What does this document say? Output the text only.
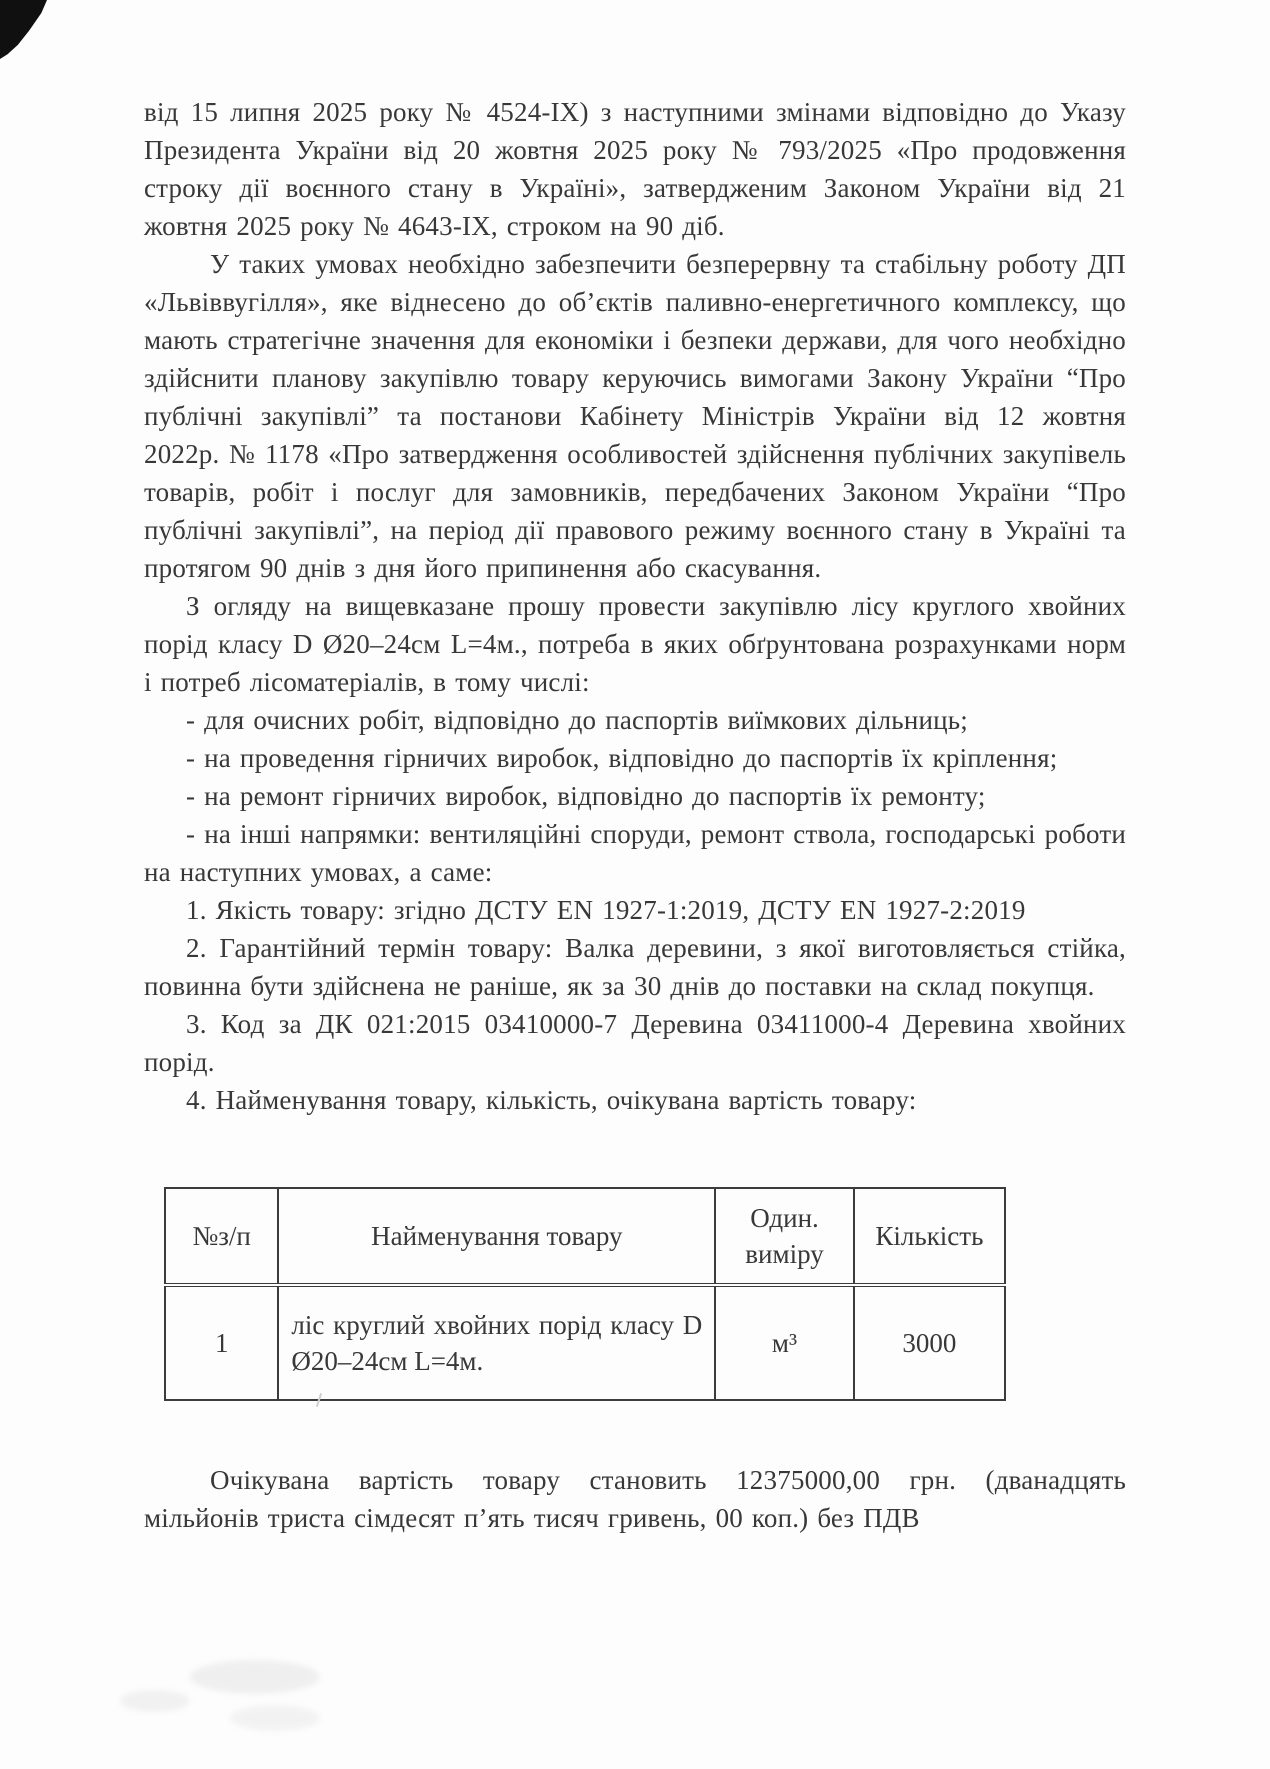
від 15 липня 2025 року № 4524-ІХ) з наступними змінами відповідно до Указу Президента України від 20 жовтня 2025 року № 793/2025 «Про продовження строку дії воєнного стану в Україні», затвердженим Законом України від 21 жовтня 2025 року № 4643-ІХ, строком на 90 діб.

У таких умовах необхідно забезпечити безперервну та стабільну роботу ДП «Львіввугілля», яке віднесено до об’єктів паливно-енергетичного комплексу, що мають стратегічне значення для економіки і безпеки держави, для чого необхідно здійснити планову закупівлю товару керуючись вимогами Закону України “Про публічні закупівлі” та постанови Кабінету Міністрів України від 12 жовтня 2022р. № 1178 «Про затвердження особливостей здійснення публічних закупівель товарів, робіт і послуг для замовників, передбачених Законом України “Про публічні закупівлі”, на період дії правового режиму воєнного стану в Україні та протягом 90 днів з дня його припинення або скасування.

З огляду на вищевказане прошу провести закупівлю лісу круглого хвойних порід класу D Ø20–24см L=4м., потреба в яких обґрунтована розрахунками норм і потреб лісоматеріалів, в тому числі:

- для очисних робіт, відповідно до паспортів виїмкових дільниць;

- на проведення гірничих виробок, відповідно до паспортів їх кріплення;

- на ремонт гірничих виробок, відповідно до паспортів їх ремонту;

- на інші напрямки: вентиляційні споруди, ремонт ствола, господарські роботи на наступних умовах, а саме:

1. Якість товару: згідно ДСТУ EN 1927-1:2019, ДСТУ EN 1927-2:2019

2. Гарантійний термін товару: Валка деревини, з якої виготовляється стійка, повинна бути здійснена не раніше, як за 30 днів до поставки на склад покупця.

3. Код за ДК 021:2015 03410000-7 Деревина 03411000-4 Деревина хвойних порід.

4. Найменування товару, кількість, очікувана вартість товару:

№з/п	Найменування товару	Один. виміру	Кількість
1	ліс круглий хвойних порід класу D Ø20–24см L=4м.	м³	3000

Очікувана вартість товару становить 12375000,00 грн. (дванадцять мільйонів триста сімдесят п’ять тисяч гривень, 00 коп.) без ПДВ
